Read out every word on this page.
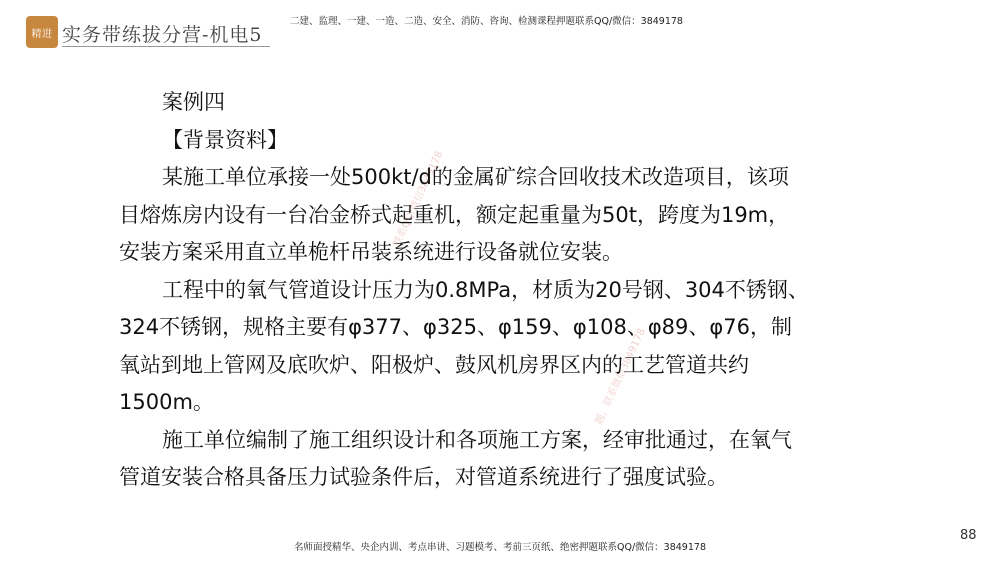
精进 实务带练拔分营-机电5
二建、监理、一建、一造、二造、安全、消防、咨询、检测课程押题联系QQ/微信：3849178
联系QQ/微信3849178
题，联系微信3849178

案例四

【背景资料】

某施工单位承接一处500kt/d的金属矿综合回收技术改造项目，该项目熔炼房内设有一台冶金桥式起重机，额定起重量为50t，跨度为19m，安装方案采用直立单桅杆吊装系统进行设备就位安装。

工程中的氧气管道设计压力为0.8MPa，材质为20号钢、304不锈钢、324不锈钢，规格主要有φ377、φ325、φ159、φ108、φ89、φ76，制氧站到地上管网及底吹炉、阳极炉、鼓风机房界区内的工艺管道共约1500m。

施工单位编制了施工组织设计和各项施工方案，经审批通过，在氧气管道安装合格具备压力试验条件后，对管道系统进行了强度试验。

名师面授精华、央企内训、考点串讲、习题模考、考前三页纸、绝密押题联系QQ/微信：3849178
88
